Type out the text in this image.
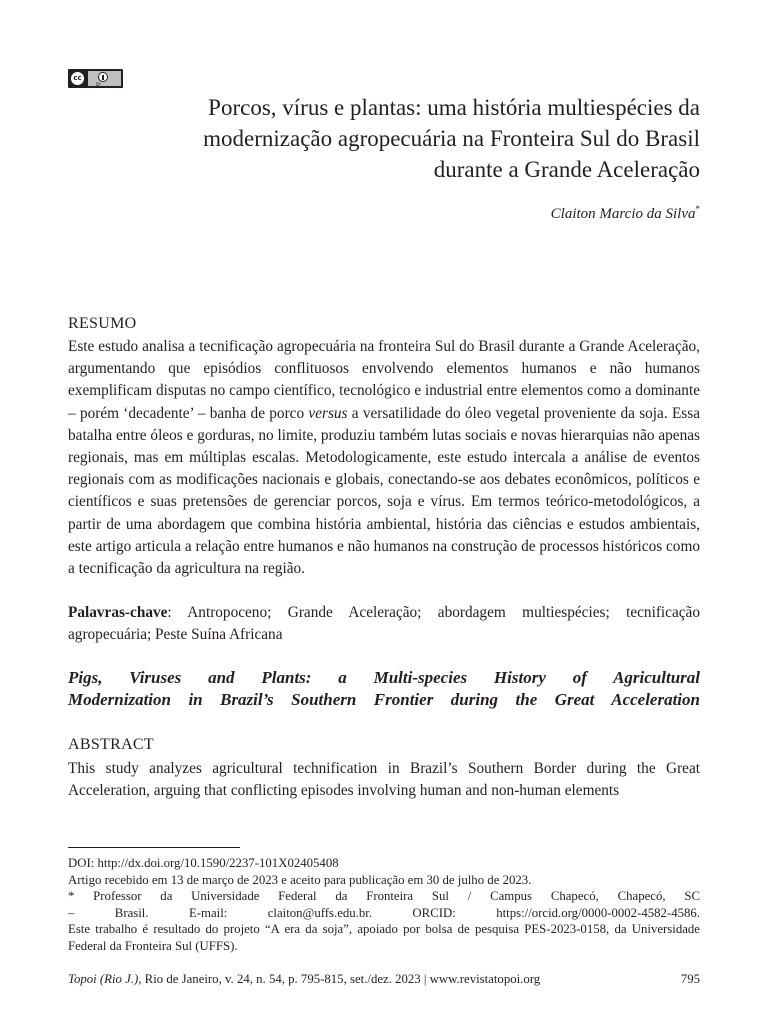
cc
BY
Porcos, vírus e plantas: uma história multiespécies da
modernização agropecuária na Fronteira Sul do Brasil
durante a Grande Aceleração

Claiton Marcio da Silva*

RESUMO

Este estudo analisa a tecnificação agropecuária na fronteira Sul do Brasil durante a Grande Aceleração, argumentando que episódios conflituosos envolvendo elementos humanos e não humanos exemplificam disputas no campo científico, tecnológico e industrial entre elementos como a dominante – porém ‘decadente’ – banha de porco versus a versatilidade do óleo vegetal proveniente da soja. Essa batalha entre óleos e gorduras, no limite, produziu também lutas sociais e novas hierarquias não apenas regionais, mas em múltiplas escalas. Metodologicamente, este estudo intercala a análise de eventos regionais com as modificações nacionais e globais, conectando-se aos debates econômicos, políticos e científicos e suas pretensões de gerenciar porcos, soja e vírus. Em termos teórico-metodológicos, a partir de uma abordagem que combina história ambiental, história das ciências e estudos ambientais, este artigo articula a relação entre humanos e não humanos na construção de processos históricos como a tecnificação da agricultura na região.

Palavras-chave: Antropoceno; Grande Aceleração; abordagem multiespécies; tecnificação agropecuária; Peste Suína Africana

Pigs, Viruses and Plants: a Multi-species History of Agricultural
Modernization in Brazil’s Southern Frontier during the Great Acceleration
ABSTRACT

This study analyzes agricultural technification in Brazil’s Southern Border during the Great Acceleration, arguing that conflicting episodes involving human and non-human elements

DOI: http://dx.doi.org/10.1590/2237-101X02405408

Artigo recebido em 13 de março de 2023 e aceito para publicação em 30 de julho de 2023.

* Professor da Universidade Federal da Fronteira Sul / Campus Chapecó, Chapecó, SC

– Brasil. E-mail: claiton@uffs.edu.br. ORCID: https://orcid.org/0000-0002-4582-4586.

Este trabalho é resultado do projeto “A era da soja”, apoiado por bolsa de pesquisa PES-2023-0158, da Universidade Federal da Fronteira Sul (UFFS).

Topoi (Rio J.), Rio de Janeiro, v. 24, n. 54, p. 795-815, set./dez. 2023 | www.revistatopoi.org	795
